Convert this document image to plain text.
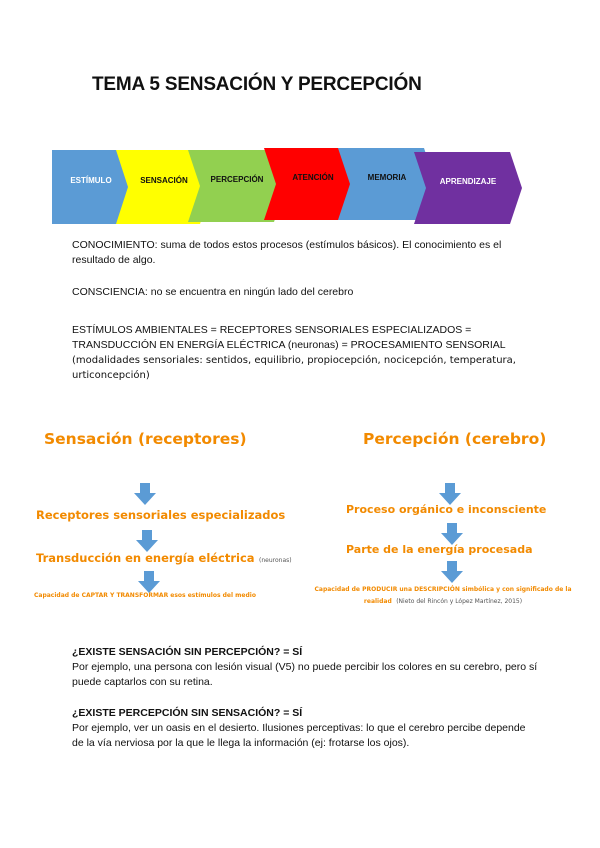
TEMA 5 SENSACIÓN Y PERCEPCIÓN
ESTÍMULO	SENSACIÓN	PERCEPCIÓN	ATENCIÓN	MEMORIA	APRENDIZAJE
CONOCIMIENTO: suma de todos estos procesos (estímulos básicos). El conocimiento es el resultado de algo.
CONSCIENCIA: no se encuentra en ningún lado del cerebro
ESTÍMULOS AMBIENTALES = RECEPTORES SENSORIALES ESPECIALIZADOS = TRANSDUCCIÓN EN ENERGÍA ELÉCTRICA (neuronas) = PROCESAMIENTO SENSORIAL (modalidades sensoriales: sentidos, equilibrio, propiocepción, nocicepción, temperatura, urticoncepción)
Sensación (receptores)
Receptores sensoriales especializados
Transducción en energía eléctrica (neuronas)
Capacidad de CAPTAR Y TRANSFORMAR esos estímulos del medio
Percepción (cerebro)
Proceso orgánico e inconsciente
Parte de la energía procesada
Capacidad de PRODUCIR una DESCRIPCIÓN simbólica y con significado de la realidad (Nieto del Rincón y López Martínez, 2015)
¿EXISTE SENSACIÓN SIN PERCEPCIÓN? = SÍ
Por ejemplo, una persona con lesión visual (V5) no puede percibir los colores en su cerebro, pero sí puede captarlos con su retina.
¿EXISTE PERCEPCIÓN SIN SENSACIÓN? = SÍ
Por ejemplo, ver un oasis en el desierto. Ilusiones perceptivas: lo que el cerebro percibe depende de la vía nerviosa por la que le llega la información (ej: frotarse los ojos).
